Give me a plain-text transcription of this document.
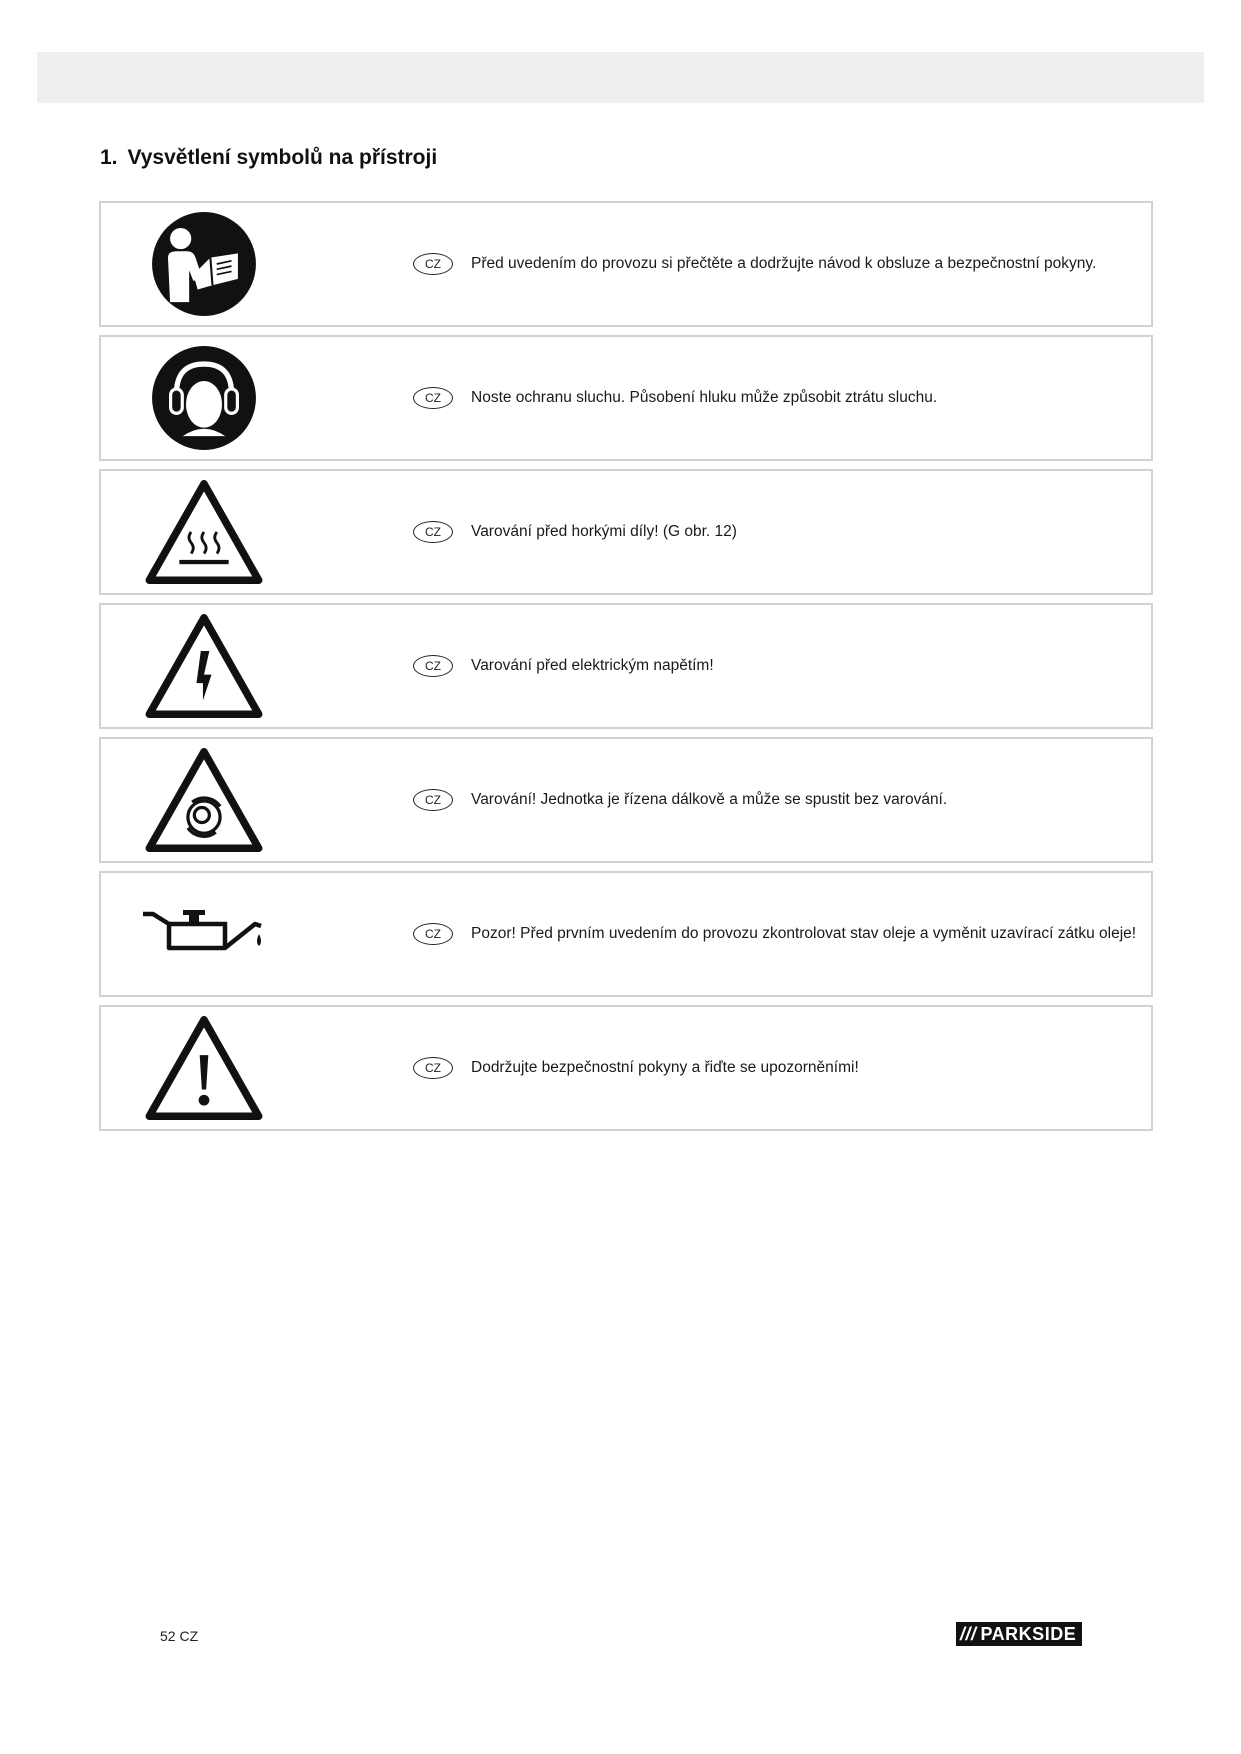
1. Vysvětlení symbolů na přístroji
CZ	Před uvedením do provozu si přečtěte a dodržujte návod k obsluze a bezpečnostní pokyny.
CZ	Noste ochranu sluchu. Působení hluku může způsobit ztrátu sluchu.
CZ	Varování před horkými díly! (G obr. 12)
CZ	Varování před elektrickým napětím!
CZ	Varování! Jednotka je řízena dálkově a může se spustit bez varování.
CZ	Pozor! Před prvním uvedením do provozu zkontrolovat stav oleje a vyměnit uzavírací zátku oleje!
CZ	Dodržujte bezpečnostní pokyny a řiďte se upozorněními!
52 CZ	/// PARKSIDE
